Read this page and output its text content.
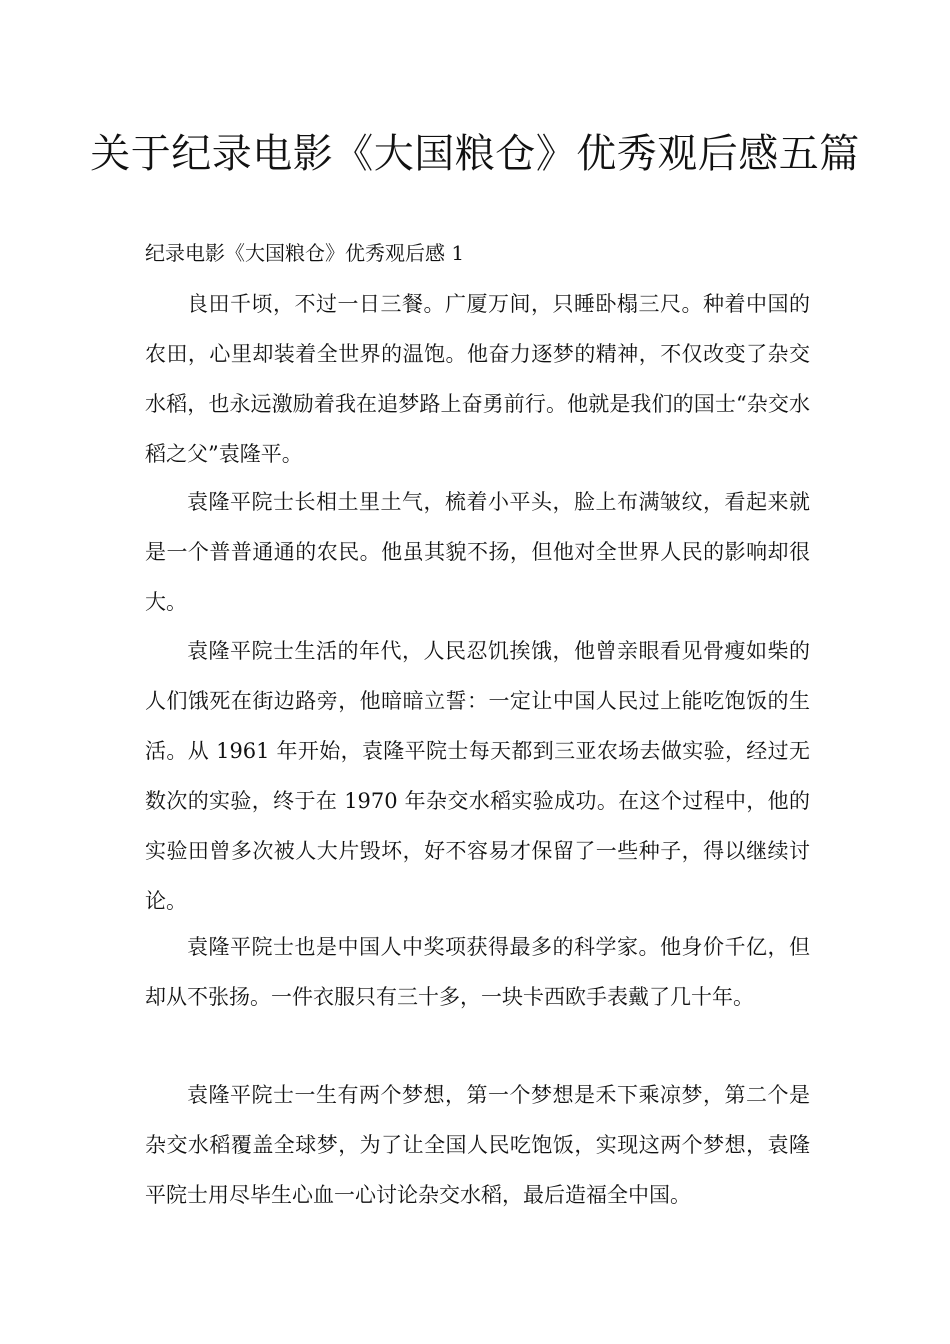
关于纪录电影《大国粮仓》优秀观后感五篇

纪录电影《大国粮仓》优秀观后感 1

良田千顷，不过一日三餐。广厦万间，只睡卧榻三尺。种着中国的农田，心里却装着全世界的温饱。他奋力逐梦的精神，不仅改变了杂交水稻，也永远激励着我在追梦路上奋勇前行。他就是我们的国士“杂交水稻之父”袁隆平。

袁隆平院士长相土里土气，梳着小平头，脸上布满皱纹，看起来就是一个普普通通的农民。他虽其貌不扬，但他对全世界人民的影响却很大。

袁隆平院士生活的年代，人民忍饥挨饿，他曾亲眼看见骨瘦如柴的人们饿死在街边路旁，他暗暗立誓：一定让中国人民过上能吃饱饭的生活。从 1961 年开始，袁隆平院士每天都到三亚农场去做实验，经过无数次的实验，终于在 1970 年杂交水稻实验成功。在这个过程中，他的实验田曾多次被人大片毁坏，好不容易才保留了一些种子，得以继续讨论。

袁隆平院士也是中国人中奖项获得最多的科学家。他身价千亿，但却从不张扬。一件衣服只有三十多，一块卡西欧手表戴了几十年。

袁隆平院士一生有两个梦想，第一个梦想是禾下乘凉梦，第二个是杂交水稻覆盖全球梦，为了让全国人民吃饱饭，实现这两个梦想，袁隆平院士用尽毕生心血一心讨论杂交水稻，最后造福全中国。
